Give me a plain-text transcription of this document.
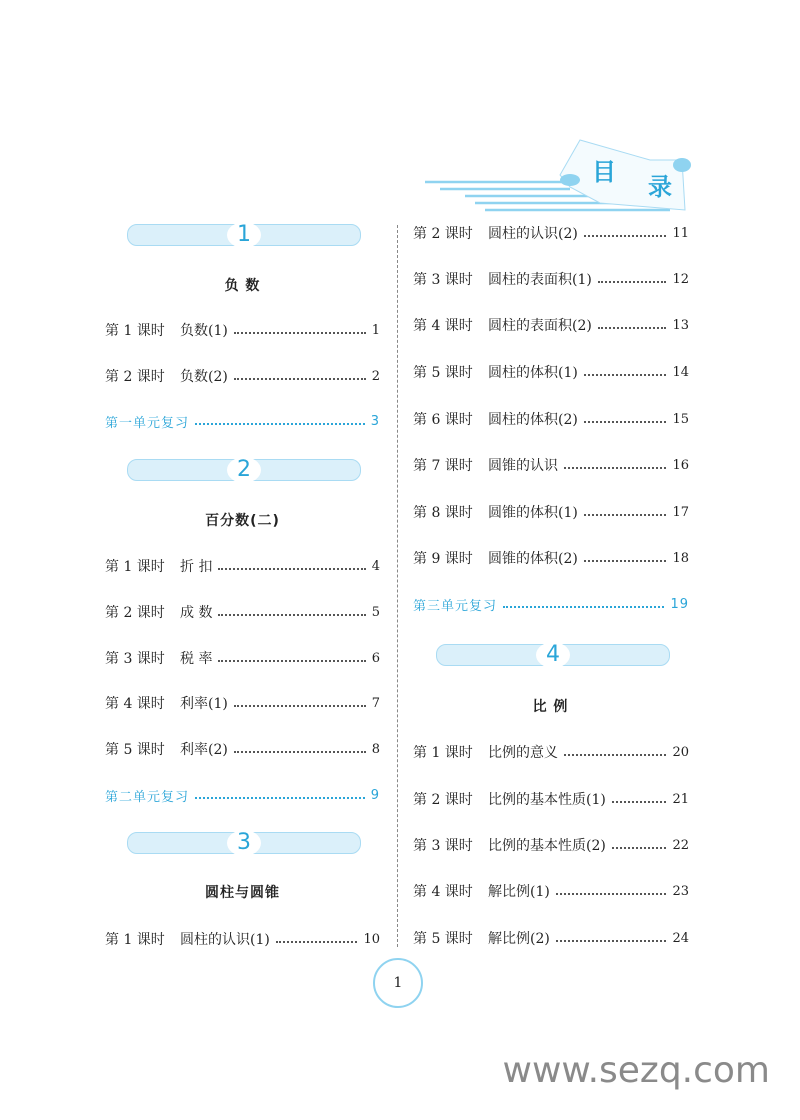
目
录
1
负 数
第 1 课时	负数(1)	1
第 2 课时	负数(2)	2
第一单元复习	3
2
百分数(二)
第 1 课时	折 扣	4
第 2 课时	成 数	5
第 3 课时	税 率	6
第 4 课时	利率(1)	7
第 5 课时	利率(2)	8
第二单元复习	9
3
圆柱与圆锥
第 1 课时	圆柱的认识(1)	10
第 2 课时	圆柱的认识(2)	11
第 3 课时	圆柱的表面积(1)	12
第 4 课时	圆柱的表面积(2)	13
第 5 课时	圆柱的体积(1)	14
第 6 课时	圆柱的体积(2)	15
第 7 课时	圆锥的认识	16
第 8 课时	圆锥的体积(1)	17
第 9 课时	圆锥的体积(2)	18
第三单元复习	19
4
比 例
第 1 课时	比例的意义	20
第 2 课时	比例的基本性质(1)	21
第 3 课时	比例的基本性质(2)	22
第 4 课时	解比例(1)	23
第 5 课时	解比例(2)	24
1
www.sezq.com
